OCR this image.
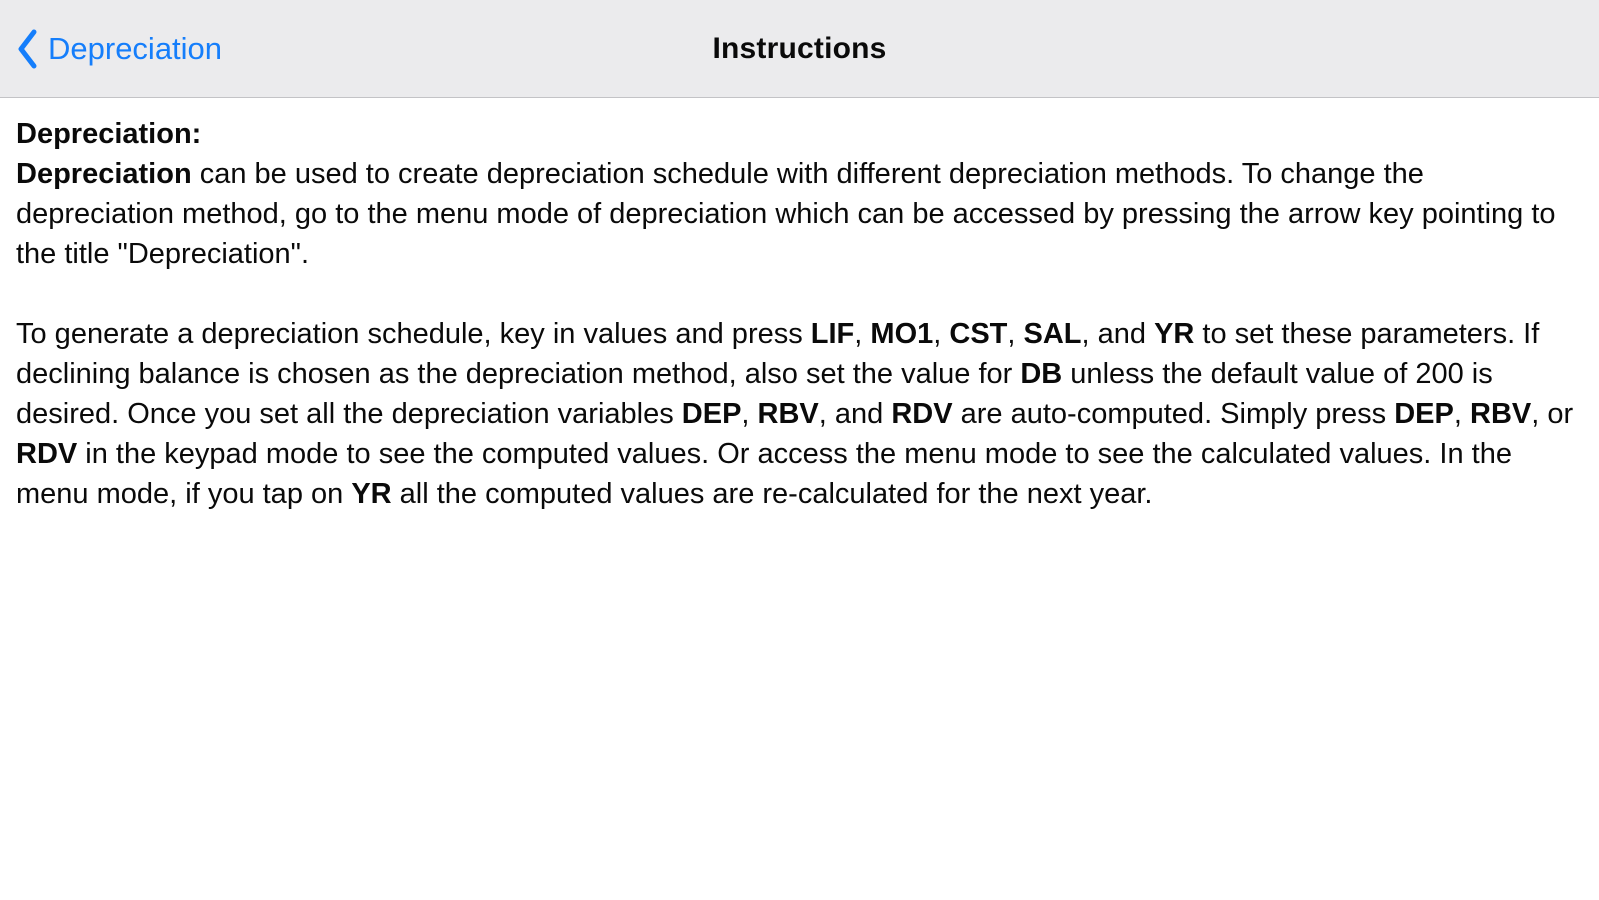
Depreciation	Instructions

Depreciation:
Depreciation can be used to create depreciation schedule with different depreciation methods. To change the depreciation method, go to the menu mode of depreciation which can be accessed by pressing the arrow key pointing to the title "Depreciation".

To generate a depreciation schedule, key in values and press LIF, MO1, CST, SAL, and YR to set these parameters. If declining balance is chosen as the depreciation method, also set the value for DB unless the default value of 200 is desired. Once you set all the depreciation variables DEP, RBV, and RDV are auto-computed. Simply press DEP, RBV, or RDV in the keypad mode to see the computed values. Or access the menu mode to see the calculated values. In the menu mode, if you tap on YR all the computed values are re-calculated for the next year.
